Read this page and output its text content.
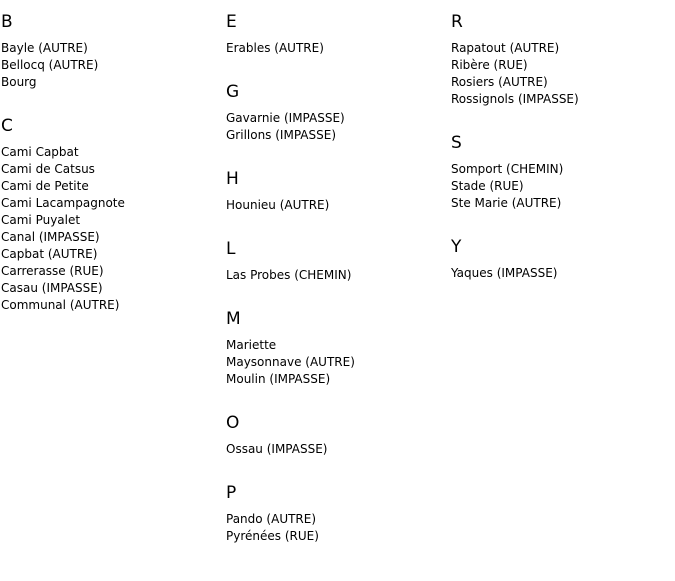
B
Bayle (AUTRE)
Bellocq (AUTRE)
Bourg
C
Cami Capbat
Cami de Catsus
Cami de Petite
Cami Lacampagnote
Cami Puyalet
Canal (IMPASSE)
Capbat (AUTRE)
Carrerasse (RUE)
Casau (IMPASSE)
Communal (AUTRE)
E
Erables (AUTRE)
G
Gavarnie (IMPASSE)
Grillons (IMPASSE)
H
Hounieu (AUTRE)
L
Las Probes (CHEMIN)
M
Mariette
Maysonnave (AUTRE)
Moulin (IMPASSE)
O
Ossau (IMPASSE)
P
Pando (AUTRE)
Pyrénées (RUE)
R
Rapatout (AUTRE)
Ribère (RUE)
Rosiers (AUTRE)
Rossignols (IMPASSE)
S
Somport (CHEMIN)
Stade (RUE)
Ste Marie (AUTRE)
Y
Yaques (IMPASSE)
